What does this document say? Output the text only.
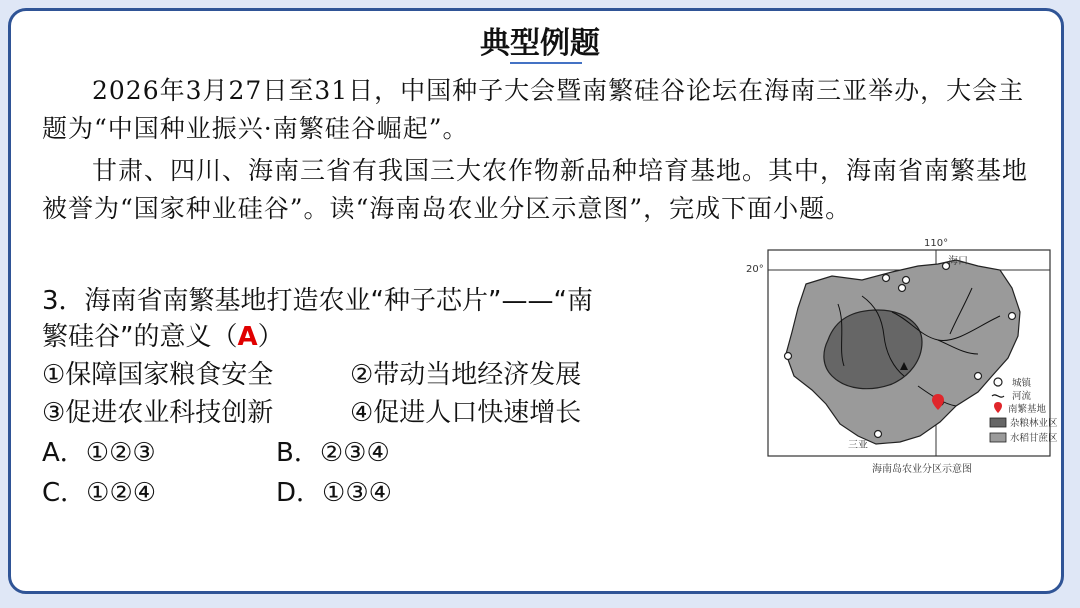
典型例题
2026年3月27日至31日，中国种子大会暨南繁硅谷论坛在海南三亚举办，大会主题为“中国种业振兴·南繁硅谷崛起”。
甘肃、四川、海南三省有我国三大农作物新品种培育基地。其中，海南省南繁基地被誉为“国家种业硅谷”。读“海南岛农业分区示意图”，完成下面小题。
3．海南省南繁基地打造农业“种子芯片”——“南
繁硅谷”的意义（A）
①保障国家粮食安全	②带动当地经济发展
③促进农业科技创新	④促进人口快速增长
A．①②③	B．②③④
C．①②④	D．①③④
110°
20°
海口
三亚
城镇
河流
南繁基地
杂粮林业区
水稻甘蔗区
海南岛农业分区示意图
